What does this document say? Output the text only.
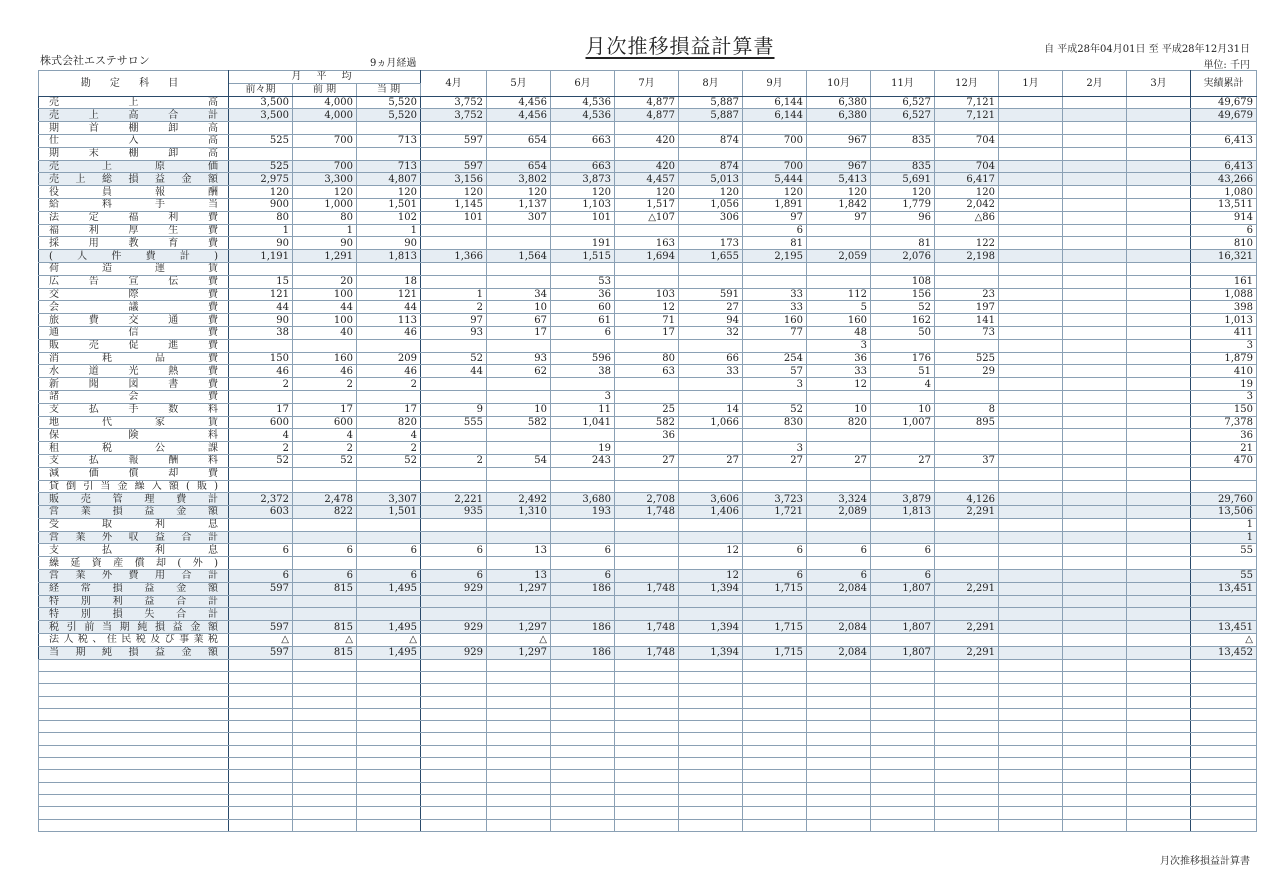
月次推移損益計算書
株式会社エステサロン	9ヵ月経過
自 平成28年04月01日 至 平成28年12月31日
単位: 千円
勘 定 科 目	月 平 均			4月	5月	6月	7月	8月	9月	10月	11月	12月	1月	2月	3月	実績累計
	前々期	前 期	当 期													
売上高	3,500	4,000	5,520	3,752	4,456	4,536	4,877	5,887	6,144	6,380	6,527	7,121				49,679
売上高合計	3,500	4,000	5,520	3,752	4,456	4,536	4,877	5,887	6,144	6,380	6,527	7,121				49,679
期首棚卸高																
仕入高	525	700	713	597	654	663	420	874	700	967	835	704				6,413
期末棚卸高																
売上原価	525	700	713	597	654	663	420	874	700	967	835	704				6,413
売上総損益金額	2,975	3,300	4,807	3,156	3,802	3,873	4,457	5,013	5,444	5,413	5,691	6,417				43,266
役員報酬	120	120	120	120	120	120	120	120	120	120	120	120				1,080
給料手当	900	1,000	1,501	1,145	1,137	1,103	1,517	1,056	1,891	1,842	1,779	2,042				13,511
法定福利費	80	80	102	101	307	101	△107	306	97	97	96	△86				914
福利厚生費	1	1	1						6							6
採用教育費	90	90	90			191	163	173	81		81	122				810
(人件費計)	1,191	1,291	1,813	1,366	1,564	1,515	1,694	1,655	2,195	2,059	2,076	2,198				16,321
荷造運賃																
広告宣伝費	15	20	18			53					108					161
交際費	121	100	121	1	34	36	103	591	33	112	156	23				1,088
会議費	44	44	44	2	10	60	12	27	33	5	52	197				398
旅費交通費	90	100	113	97	67	61	71	94	160	160	162	141				1,013
通信費	38	40	46	93	17	6	17	32	77	48	50	73				411
販売促進費										3						3
消耗品費	150	160	209	52	93	596	80	66	254	36	176	525				1,879
水道光熱費	46	46	46	44	62	38	63	33	57	33	51	29				410
新聞図書費	2	2	2						3	12	4					19
諸会費						3										3
支払手数料	17	17	17	9	10	11	25	14	52	10	10	8				150
地代家賃	600	600	820	555	582	1,041	582	1,066	830	820	1,007	895				7,378
保険料	4	4	4				36									36
租税公課	2	2	2			19			3							21
支払報酬料	52	52	52	2	54	243	27	27	27	27	27	37				470
減価償却費																
貸倒引当金繰入額(販)																
販売管理費計	2,372	2,478	3,307	2,221	2,492	3,680	2,708	3,606	3,723	3,324	3,879	4,126				29,760
営業損益金額	603	822	1,501	935	1,310	193	1,748	1,406	1,721	2,089	1,813	2,291				13,506
受取利息																1
営業外収益合計																1
支払利息	6	6	6	6	13	6		12	6	6	6					55
繰延資産償却(外)																
営業外費用合計	6	6	6	6	13	6		12	6	6	6					55
経常損益金額	597	815	1,495	929	1,297	186	1,748	1,394	1,715	2,084	1,807	2,291				13,451
特別利益合計																
特別損失合計																
税引前当期純損益金額	597	815	1,495	929	1,297	186	1,748	1,394	1,715	2,084	1,807	2,291				13,451
法人税、住民税及び事業税	△	△	△		△											△
当期純損益金額	597	815	1,495	929	1,297	186	1,748	1,394	1,715	2,084	1,807	2,291				13,452

月次推移損益計算書
